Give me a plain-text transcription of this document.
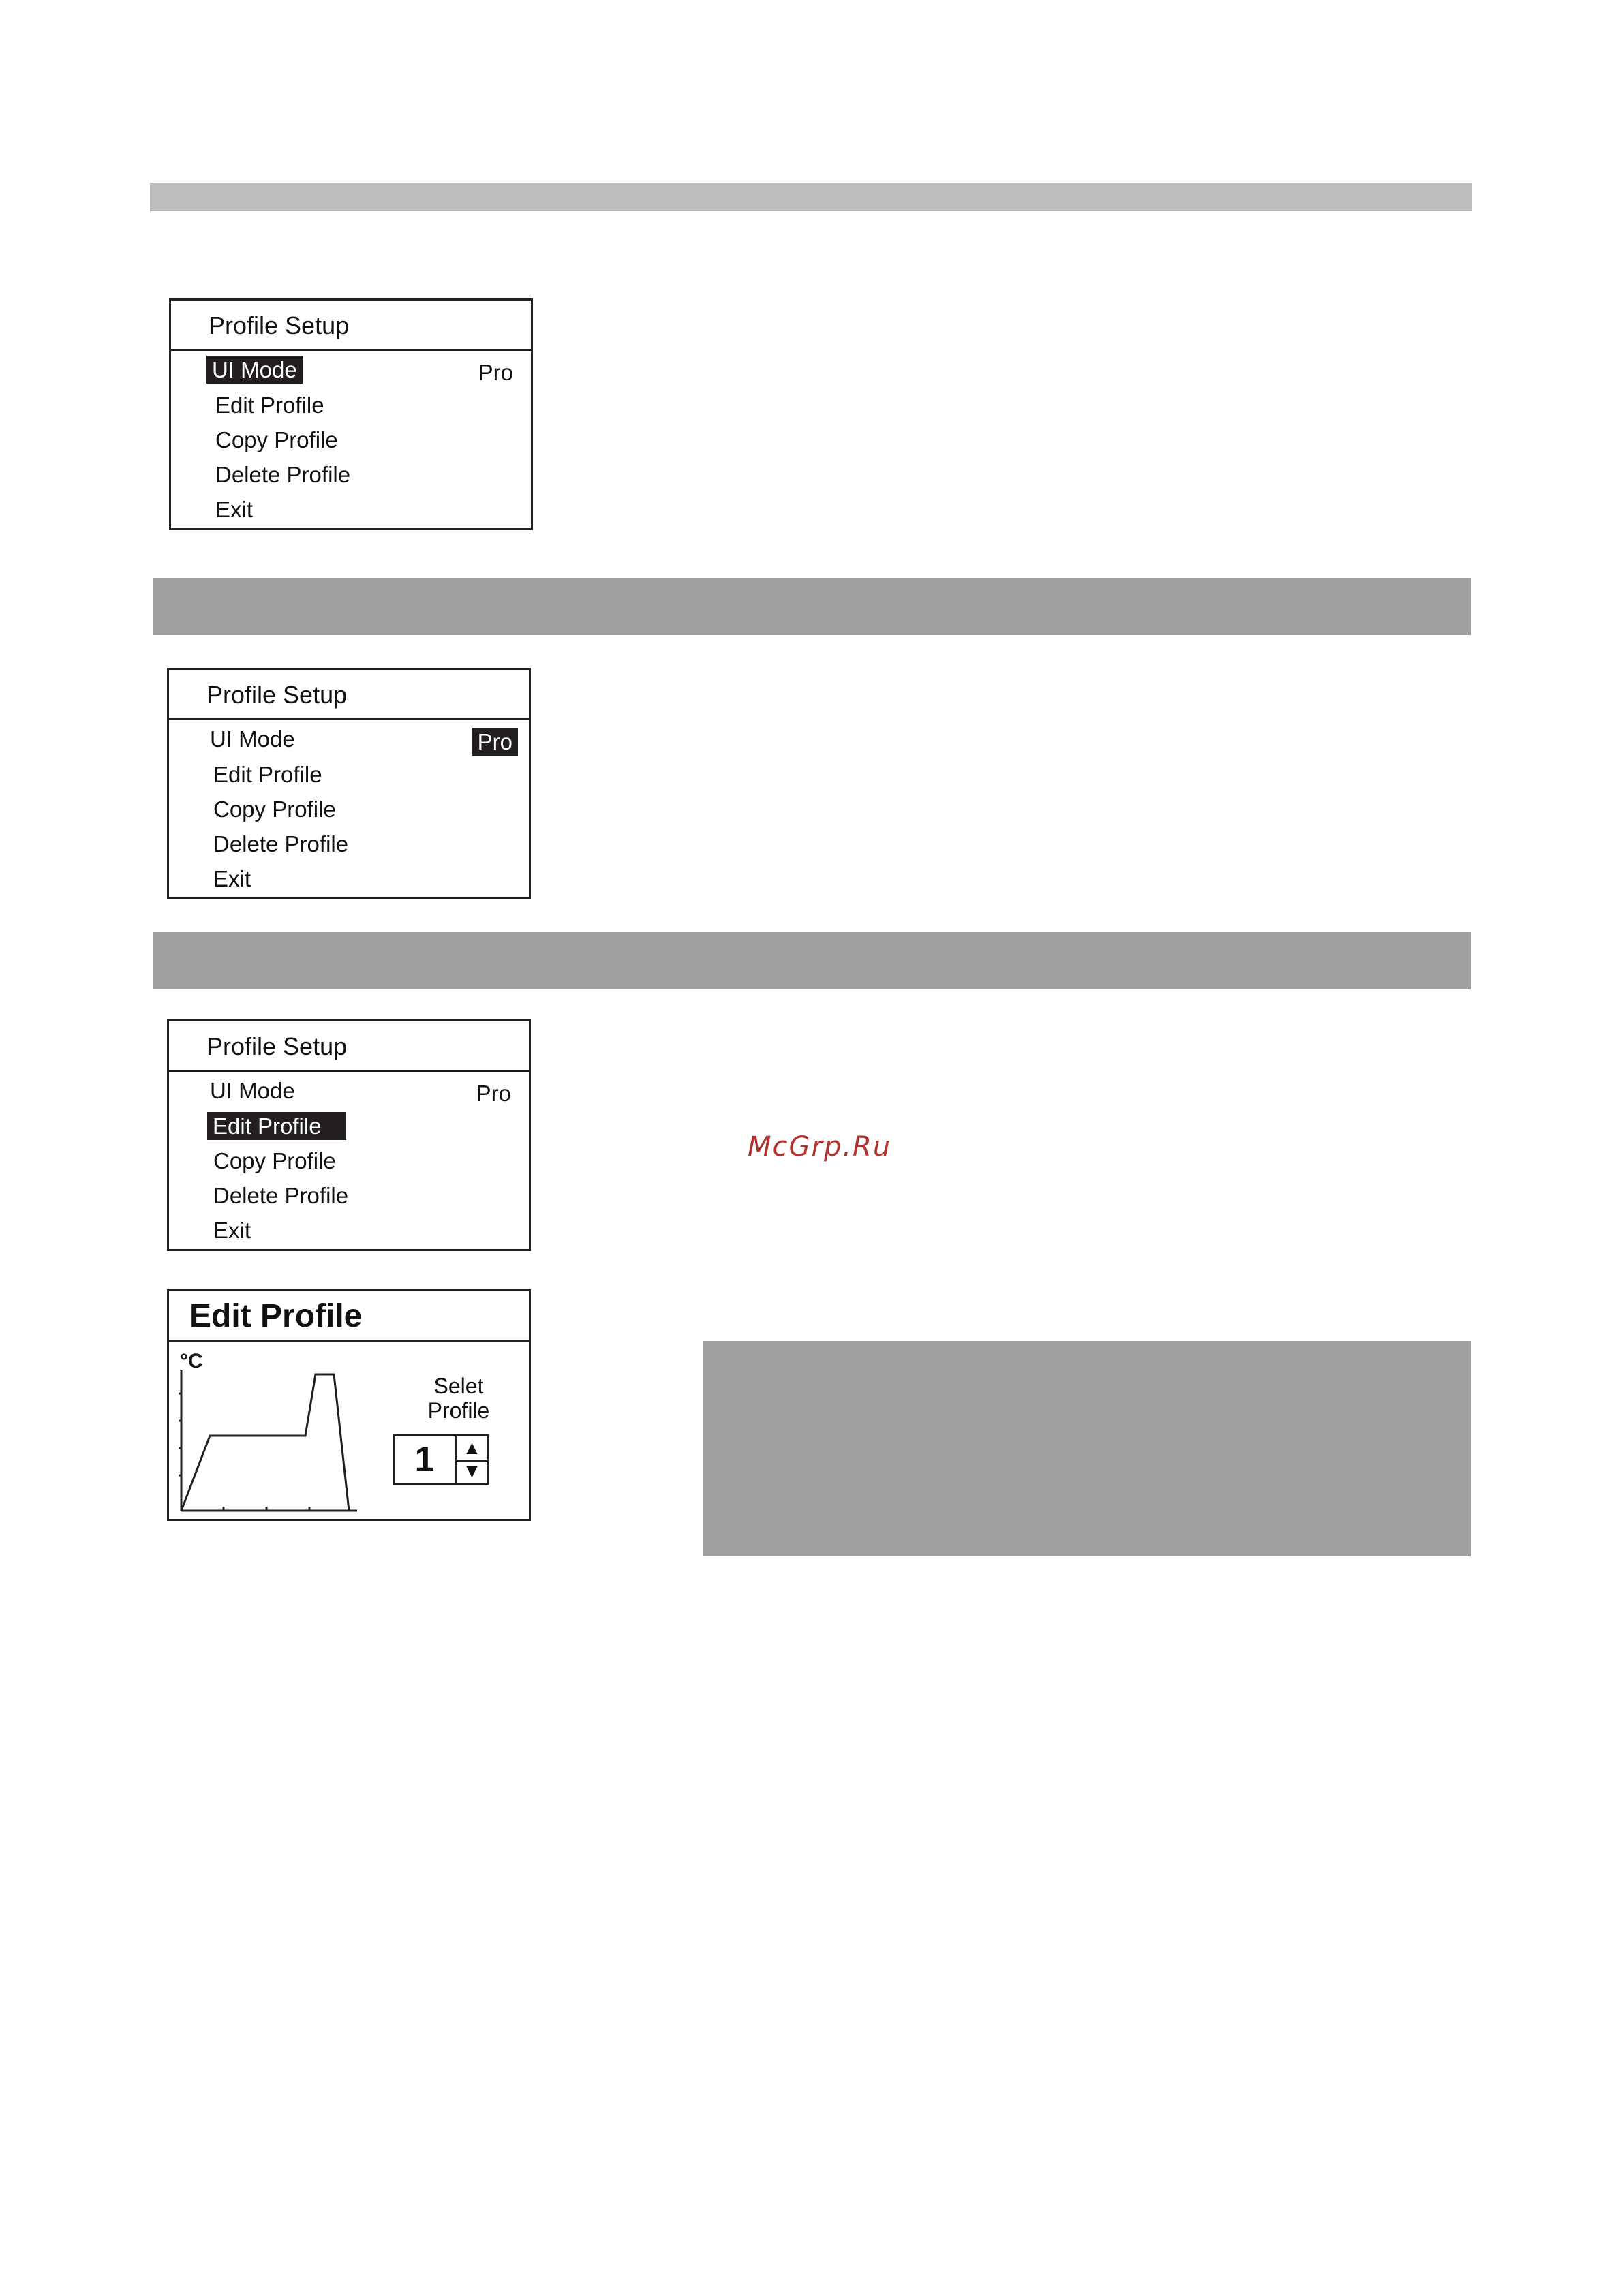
Profile Setup
UI Mode	Pro
Edit Profile
Copy Profile
Delete Profile
Exit
Profile Setup
UI Mode	Pro
Edit Profile
Copy Profile
Delete Profile
Exit
Profile Setup
UI Mode	Pro
Edit Profile
Copy Profile
Delete Profile
Exit
Edit Profile
°C
Selet
Profile
1	▲
▼
McGrp.Ru
